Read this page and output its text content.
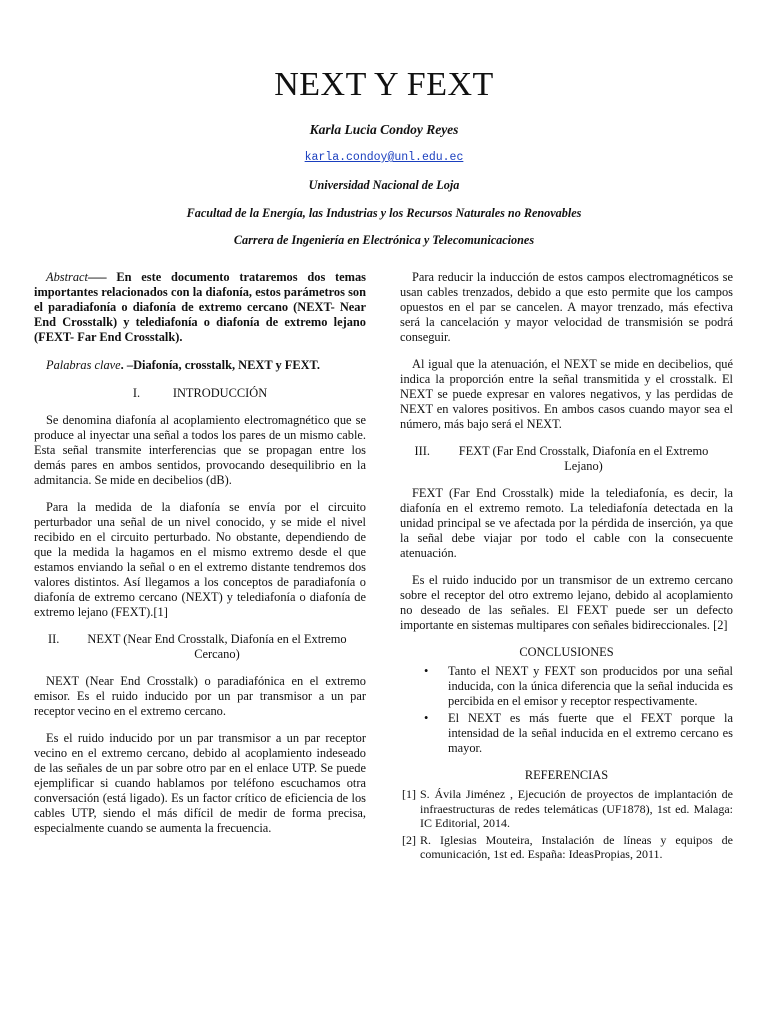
NEXT Y FEXT
Karla Lucia Condoy Reyes
karla.condoy@unl.edu.ec
Universidad Nacional de Loja
Facultad de la Energía, las Industrias y los Recursos Naturales no Renovables
Carrera de Ingeniería en Electrónica y Telecomunicaciones
Abstract—– En este documento trataremos dos temas importantes relacionados con la diafonía, estos parámetros son el paradiafonía o diafonía de extremo cercano (NEXT- Near End Crosstalk) y telediafonía o diafonía de extremo lejano (FEXT- Far End Crosstalk).
Palabras clave. –Diafonía, crosstalk, NEXT y FEXT.
I.	INTRODUCCIÓN

Se denomina diafonía al acoplamiento electromagnético que se produce al inyectar una señal a todos los pares de un mismo cable. Esta señal transmite interferencias que se propagan entre los demás pares en ambos sentidos, provocando desequilibrio en la admitancia. Se mide en decibelios (dB).

Para la medida de la diafonía se envía por el circuito perturbador una señal de un nivel conocido, y se mide el nivel recibido en el circuito perturbado. No obstante, dependiendo de que la medida la hagamos en el mismo extremo desde el que estamos enviando la señal o en el extremo distante tendremos dos valores distintos. Así llegamos a los conceptos de paradiafonía o diafonía de extremo cercano (NEXT) y telediafonía o diafonía de extremo lejano (FEXT).[1]

II.	NEXT (Near End Crosstalk, Diafonía en el Extremo Cercano)

NEXT (Near End Crosstalk) o paradiafónica en el extremo emisor. Es el ruido inducido por un par transmisor a un par receptor vecino en el extremo cercano.

Es el ruido inducido por un par transmisor a un par receptor vecino en el extremo cercano, debido al acoplamiento indeseado de las señales de un par sobre otro par en el enlace UTP. Se puede ejemplificar si cuando hablamos por teléfono escuchamos otra conversación (está ligado). Es un factor crítico de eficiencia de los cables UTP, siendo el más difícil de medir de forma precisa, especialmente cuando se aumenta la frecuencia.

Para reducir la inducción de estos campos electromagnéticos se usan cables trenzados, debido a que esto permite que los campos opuestos en el par se cancelen. A mayor trenzado, más efectiva será la cancelación y mayor velocidad de transmisión se podrá conseguir.

Al igual que la atenuación, el NEXT se mide en decibelios, qué indica la proporción entre la señal transmitida y el crosstalk. El NEXT se puede expresar en valores negativos, y las perdidas de NEXT en valores positivos. En ambos casos cuando mayor sea el número, más bajo será el NEXT.

III.	FEXT (Far End Crosstalk, Diafonía en el Extremo Lejano)

FEXT (Far End Crosstalk) mide la telediafonía, es decir, la diafonía en el extremo remoto. La telediafonía detectada en la unidad principal se ve afectada por la pérdida de inserción, ya que la señal debe viajar por todo el cable con la consecuente atenuación.

Es el ruido inducido por un transmisor de un extremo cercano sobre el receptor del otro extremo lejano, debido al acoplamiento no deseado de las señales. El FEXT puede ser un defecto importante en sistemas multipares con señales bidireccionales. [2]

CONCLUSIONES
• Tanto el NEXT y FEXT son producidos por una señal inducida, con la única diferencia que la señal inducida es percibida en el emisor y receptor respectivamente.
• El NEXT es más fuerte que el FEXT porque la intensidad de la señal inducida en el extremo cercano es mayor.
REFERENCIAS
[1] S. Ávila Jiménez , Ejecución de proyectos de implantación de infraestructuras de redes telemáticas (UF1878), 1st ed. Malaga: IC Editorial, 2014.
[2] R. Iglesias Mouteira, Instalación de líneas y equipos de comunicación, 1st ed. España: IdeasPropias, 2011.
